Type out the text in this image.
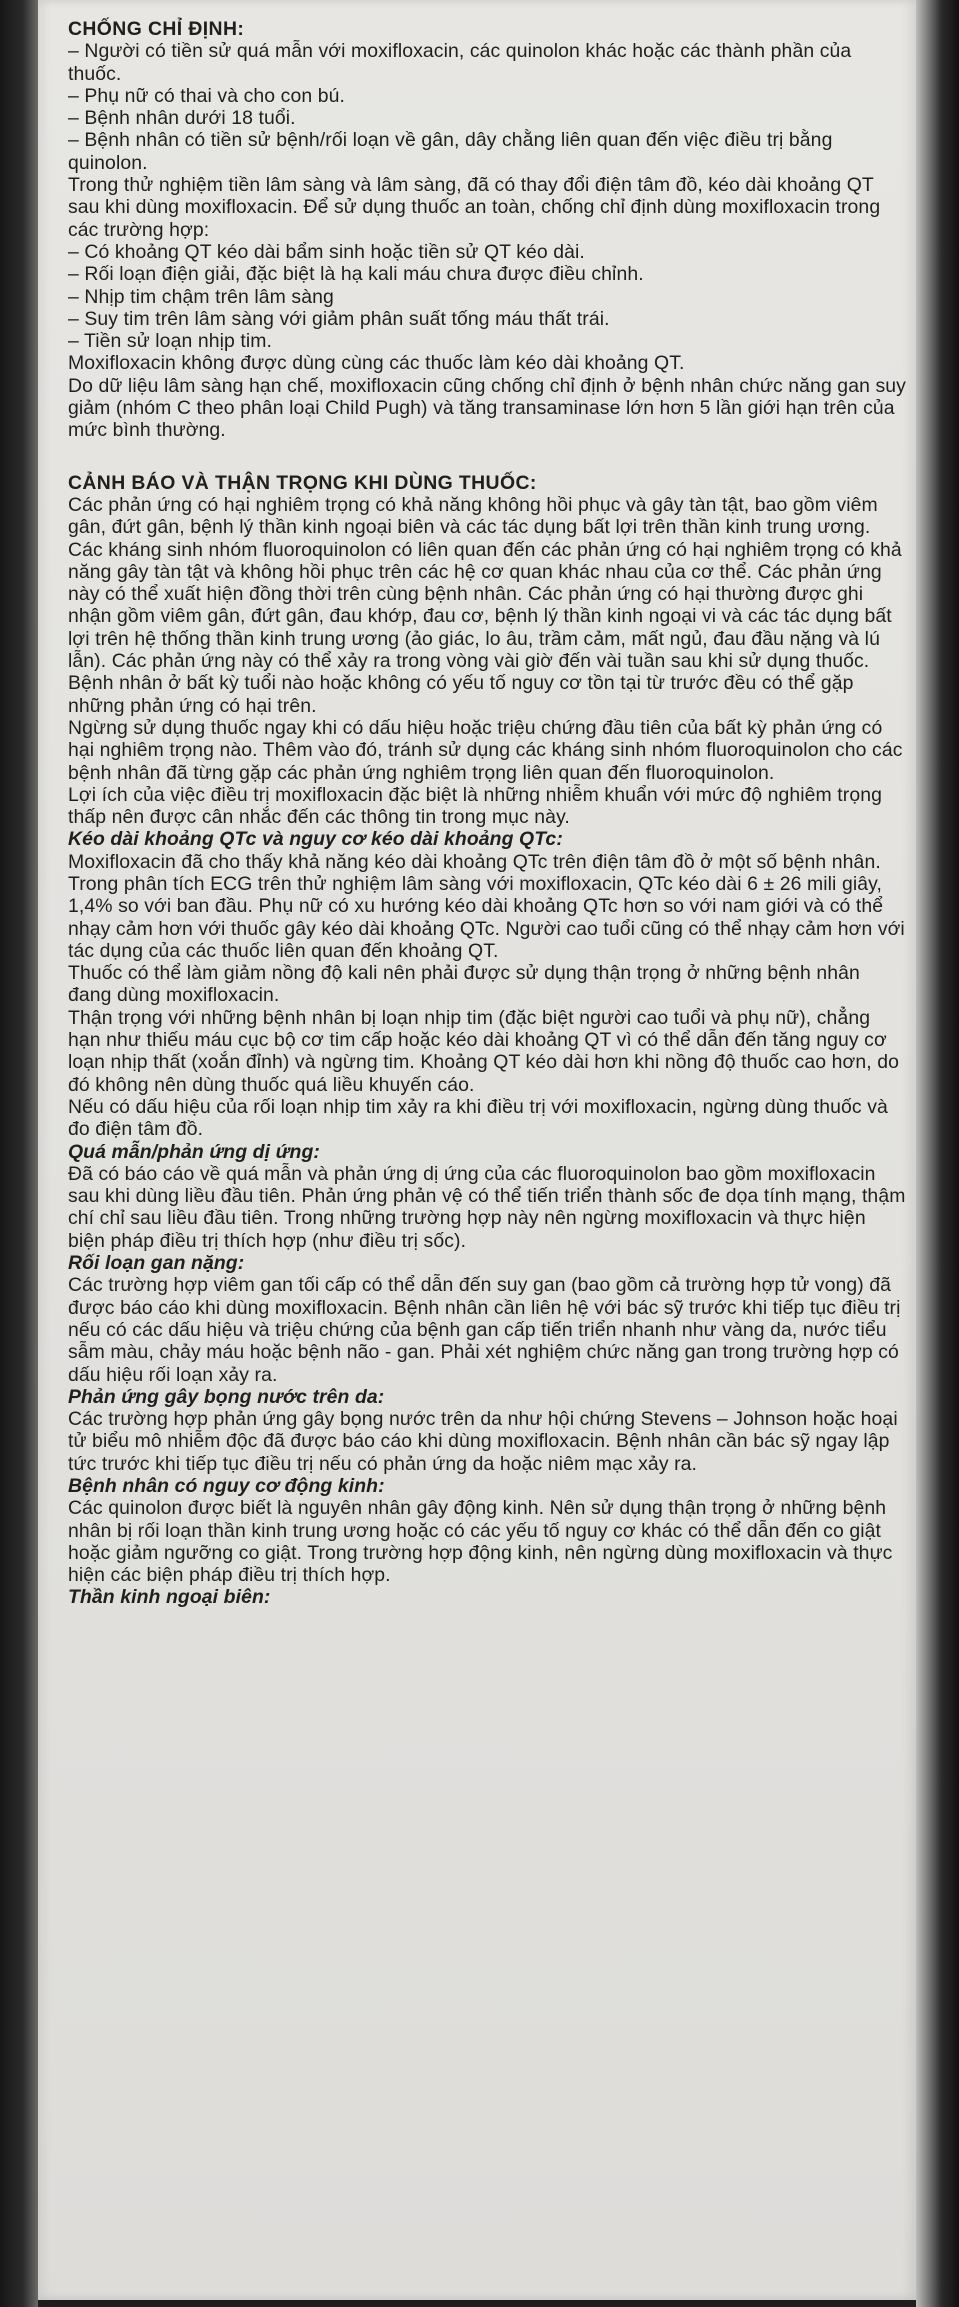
CHỐNG CHỈ ĐỊNH:

– Người có tiền sử quá mẫn với moxifloxacin, các quinolon khác hoặc các thành phần của thuốc.

– Phụ nữ có thai và cho con bú.

– Bệnh nhân dưới 18 tuổi.

– Bệnh nhân có tiền sử bệnh/rối loạn về gân, dây chằng liên quan đến việc điều trị bằng quinolon.

Trong thử nghiệm tiền lâm sàng và lâm sàng, đã có thay đổi điện tâm đồ, kéo dài khoảng QT sau khi dùng moxifloxacin. Để sử dụng thuốc an toàn, chống chỉ định dùng moxifloxacin trong các trường hợp:

– Có khoảng QT kéo dài bẩm sinh hoặc tiền sử QT kéo dài.

– Rối loạn điện giải, đặc biệt là hạ kali máu chưa được điều chỉnh.

– Nhịp tim chậm trên lâm sàng

– Suy tim trên lâm sàng với giảm phân suất tống máu thất trái.

– Tiền sử loạn nhịp tim.

Moxifloxacin không được dùng cùng các thuốc làm kéo dài khoảng QT.

Do dữ liệu lâm sàng hạn chế, moxifloxacin cũng chống chỉ định ở bệnh nhân chức năng gan suy giảm (nhóm C theo phân loại Child Pugh) và tăng transaminase lớn hơn 5 lần giới hạn trên của mức bình thường.

CẢNH BÁO VÀ THẬN TRỌNG KHI DÙNG THUỐC:

Các phản ứng có hại nghiêm trọng có khả năng không hồi phục và gây tàn tật, bao gồm viêm gân, đứt gân, bệnh lý thần kinh ngoại biên và các tác dụng bất lợi trên thần kinh trung ương.

Các kháng sinh nhóm fluoroquinolon có liên quan đến các phản ứng có hại nghiêm trọng có khả năng gây tàn tật và không hồi phục trên các hệ cơ quan khác nhau của cơ thể. Các phản ứng này có thể xuất hiện đồng thời trên cùng bệnh nhân. Các phản ứng có hại thường được ghi nhận gồm viêm gân, đứt gân, đau khớp, đau cơ, bệnh lý thần kinh ngoại vi và các tác dụng bất lợi trên hệ thống thần kinh trung ương (ảo giác, lo âu, trầm cảm, mất ngủ, đau đầu nặng và lú lẫn). Các phản ứng này có thể xảy ra trong vòng vài giờ đến vài tuần sau khi sử dụng thuốc. Bệnh nhân ở bất kỳ tuổi nào hoặc không có yếu tố nguy cơ tồn tại từ trước đều có thể gặp những phản ứng có hại trên.

Ngừng sử dụng thuốc ngay khi có dấu hiệu hoặc triệu chứng đầu tiên của bất kỳ phản ứng có hại nghiêm trọng nào. Thêm vào đó, tránh sử dụng các kháng sinh nhóm fluoroquinolon cho các bệnh nhân đã từng gặp các phản ứng nghiêm trọng liên quan đến fluoroquinolon.

Lợi ích của việc điều trị moxifloxacin đặc biệt là những nhiễm khuẩn với mức độ nghiêm trọng thấp nên được cân nhắc đến các thông tin trong mục này.

Kéo dài khoảng QTc và nguy cơ kéo dài khoảng QTc:

Moxifloxacin đã cho thấy khả năng kéo dài khoảng QTc trên điện tâm đồ ở một số bệnh nhân. Trong phân tích ECG trên thử nghiệm lâm sàng với moxifloxacin, QTc kéo dài 6 ± 26 mili giây, 1,4% so với ban đầu. Phụ nữ có xu hướng kéo dài khoảng QTc hơn so với nam giới và có thể nhạy cảm hơn với thuốc gây kéo dài khoảng QTc. Người cao tuổi cũng có thể nhạy cảm hơn với tác dụng của các thuốc liên quan đến khoảng QT.

Thuốc có thể làm giảm nồng độ kali nên phải được sử dụng thận trọng ở những bệnh nhân đang dùng moxifloxacin.

Thận trọng với những bệnh nhân bị loạn nhịp tim (đặc biệt người cao tuổi và phụ nữ), chẳng hạn như thiếu máu cục bộ cơ tim cấp hoặc kéo dài khoảng QT vì có thể dẫn đến tăng nguy cơ loạn nhịp thất (xoắn đỉnh) và ngừng tim. Khoảng QT kéo dài hơn khi nồng độ thuốc cao hơn, do đó không nên dùng thuốc quá liều khuyến cáo.

Nếu có dấu hiệu của rối loạn nhịp tim xảy ra khi điều trị với moxifloxacin, ngừng dùng thuốc và đo điện tâm đồ.

Quá mẫn/phản ứng dị ứng:

Đã có báo cáo về quá mẫn và phản ứng dị ứng của các fluoroquinolon bao gồm moxifloxacin sau khi dùng liều đầu tiên. Phản ứng phản vệ có thể tiến triển thành sốc đe dọa tính mạng, thậm chí chỉ sau liều đầu tiên. Trong những trường hợp này nên ngừng moxifloxacin và thực hiện biện pháp điều trị thích hợp (như điều trị sốc).

Rối loạn gan nặng:

Các trường hợp viêm gan tối cấp có thể dẫn đến suy gan (bao gồm cả trường hợp tử vong) đã được báo cáo khi dùng moxifloxacin. Bệnh nhân cần liên hệ với bác sỹ trước khi tiếp tục điều trị nếu có các dấu hiệu và triệu chứng của bệnh gan cấp tiến triển nhanh như vàng da, nước tiểu sẫm màu, chảy máu hoặc bệnh não - gan. Phải xét nghiệm chức năng gan trong trường hợp có dấu hiệu rối loạn xảy ra.

Phản ứng gây bọng nước trên da:

Các trường hợp phản ứng gây bọng nước trên da như hội chứng Stevens – Johnson hoặc hoại tử biểu mô nhiễm độc đã được báo cáo khi dùng moxifloxacin. Bệnh nhân cần bác sỹ ngay lập tức trước khi tiếp tục điều trị nếu có phản ứng da hoặc niêm mạc xảy ra.

Bệnh nhân có nguy cơ động kinh:

Các quinolon được biết là nguyên nhân gây động kinh. Nên sử dụng thận trọng ở những bệnh nhân bị rối loạn thần kinh trung ương hoặc có các yếu tố nguy cơ khác có thể dẫn đến co giật hoặc giảm ngưỡng co giật. Trong trường hợp động kinh, nên ngừng dùng moxifloxacin và thực hiện các biện pháp điều trị thích hợp.

Thần kinh ngoại biên:
